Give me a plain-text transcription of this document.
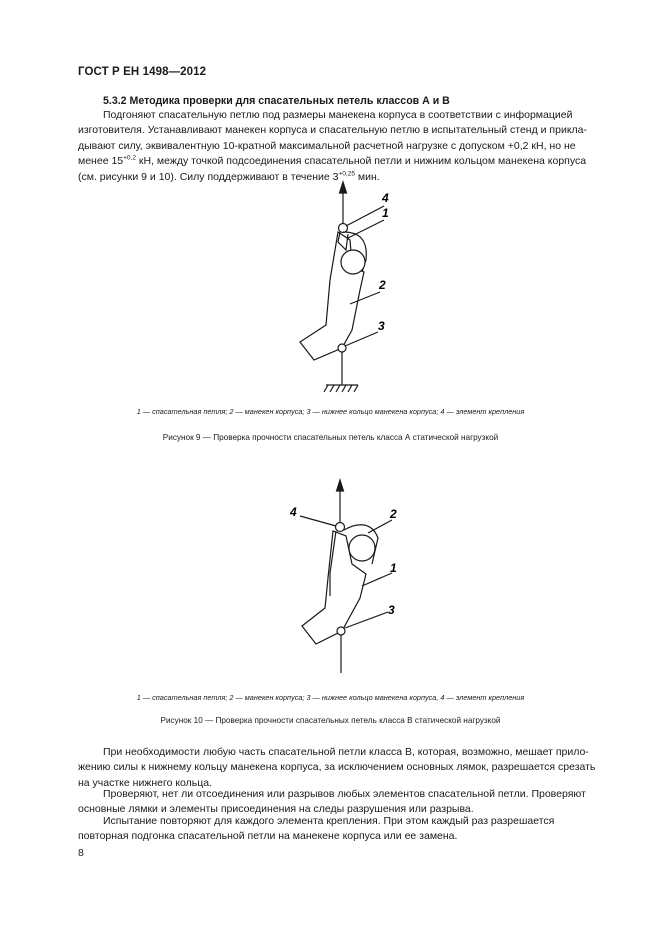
ГОСТ Р ЕН 1498—2012
5.3.2 Методика проверки для спасательных петель классов А и В
Подгоняют спасательную петлю под размеры манекена корпуса в соответствии с информацией
изготовителя. Устанавливают манекен корпуса и спасательную петлю в испытательный стенд и прикла-
дывают силу, эквивалентную 10-кратной максимальной расчетной нагрузке с допуском +0,2 кН, но не
менее $15^{+0,2}$ кН, между точкой подсоединения спасательной петли и нижним кольцом манекена корпуса
(см. рисунки 9 и 10). Силу поддерживают в течение $3^{+0,25}$ мин.
4
1
2
3
1 — спасательная петля; 2 — манекен корпуса; 3 — нижнее кольцо манекена корпуса; 4 — элемент крепления
Рисунок 9 — Проверка прочности спасательных петель класса А статической нагрузкой
4	2
1
3
1 — спасательная петля; 2 — манекен корпуса; 3 — нижнее кольцо манекена корпуса, 4 — элемент крепления
Рисунок 10 — Проверка прочности спасательных петель класса В статической нагрузкой
При необходимости любую часть спасательной петли класса В, которая, возможно, мешает прило-
жению силы к нижнему кольцу манекена корпуса, за исключением основных лямок, разрешается срезать
на участке нижнего кольца.
Проверяют, нет ли отсоединения или разрывов любых элементов спасательной петли. Проверяют
основные лямки и элементы присоединения на следы разрушения или разрыва.
Испытание повторяют для каждого элемента крепления. При этом каждый раз разрешается
повторная подгонка спасательной петли на манекене корпуса или ее замена.
8
